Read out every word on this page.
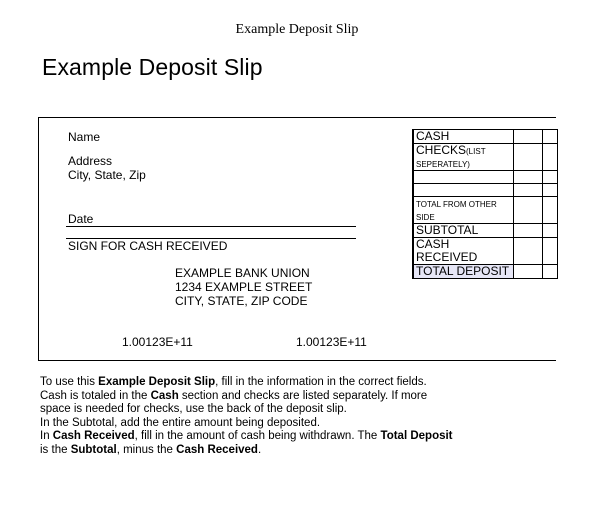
Example Deposit Slip
Example Deposit Slip
Name
Address
City, State, Zip
Date
SIGN FOR CASH RECEIVED
EXAMPLE BANK UNION
1234 EXAMPLE STREET
CITY, STATE, ZIP CODE
1.00123E+11	1.00123E+11
CASH		
CHECKS(LIST
SEPERATELY)		

TOTAL FROM OTHER SIDE		
SUBTOTAL		
CASH RECEIVED		
TOTAL DEPOSIT		

To use this Example Deposit Slip, fill in the information in the correct fields.

Cash is totaled in the Cash section and checks are listed separately. If more

space is needed for checks, use the back of the deposit slip.

In the Subtotal, add the entire amount being deposited.

In Cash Received, fill in the amount of cash being withdrawn. The Total Deposit

is the Subtotal, minus the Cash Received.
